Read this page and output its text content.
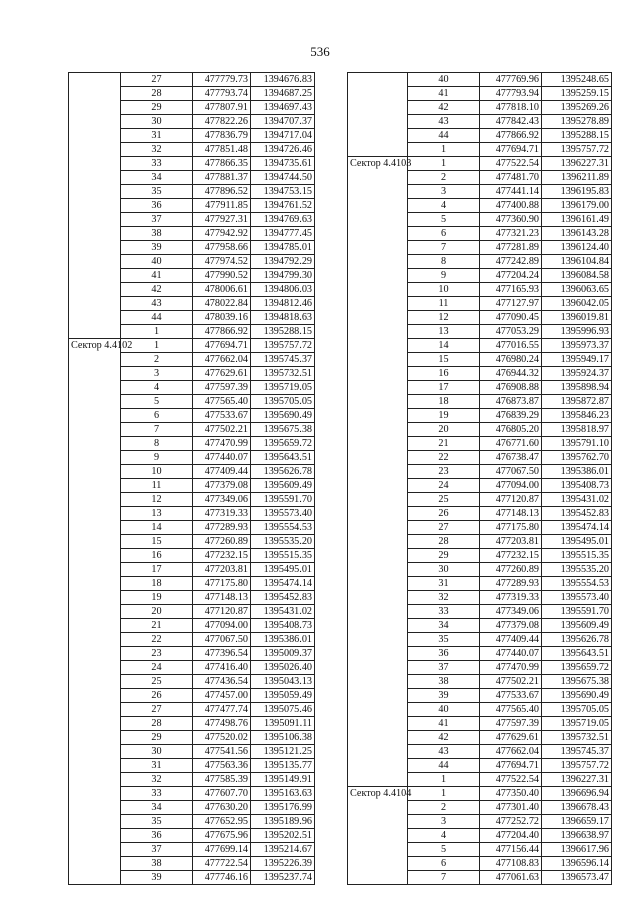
536
	27	477779.73	1394676.83
	28	477793.74	1394687.25
	29	477807.91	1394697.43
	30	477822.26	1394707.37
	31	477836.79	1394717.04
	32	477851.48	1394726.46
	33	477866.35	1394735.61
	34	477881.37	1394744.50
	35	477896.52	1394753.15
	36	477911.85	1394761.52
	37	477927.31	1394769.63
	38	477942.92	1394777.45
	39	477958.66	1394785.01
	40	477974.52	1394792.29
	41	477990.52	1394799.30
	42	478006.61	1394806.03
	43	478022.84	1394812.46
	44	478039.16	1394818.63
	1	477866.92	1395288.15
Сектор 4.4102	1	477694.71	1395757.72
	2	477662.04	1395745.37
	3	477629.61	1395732.51
	4	477597.39	1395719.05
	5	477565.40	1395705.05
	6	477533.67	1395690.49
	7	477502.21	1395675.38
	8	477470.99	1395659.72
	9	477440.07	1395643.51
	10	477409.44	1395626.78
	11	477379.08	1395609.49
	12	477349.06	1395591.70
	13	477319.33	1395573.40
	14	477289.93	1395554.53
	15	477260.89	1395535.20
	16	477232.15	1395515.35
	17	477203.81	1395495.01
	18	477175.80	1395474.14
	19	477148.13	1395452.83
	20	477120.87	1395431.02
	21	477094.00	1395408.73
	22	477067.50	1395386.01
	23	477396.54	1395009.37
	24	477416.40	1395026.40
	25	477436.54	1395043.13
	26	477457.00	1395059.49
	27	477477.74	1395075.46
	28	477498.76	1395091.11
	29	477520.02	1395106.38
	30	477541.56	1395121.25
	31	477563.36	1395135.77
	32	477585.39	1395149.91
	33	477607.70	1395163.63
	34	477630.20	1395176.99
	35	477652.95	1395189.96
	36	477675.96	1395202.51
	37	477699.14	1395214.67
	38	477722.54	1395226.39
	39	477746.16	1395237.74
	40	477769.96	1395248.65
	41	477793.94	1395259.15
	42	477818.10	1395269.26
	43	477842.43	1395278.89
	44	477866.92	1395288.15
	1	477694.71	1395757.72
Сектор 4.4103	1	477522.54	1396227.31
	2	477481.70	1396211.89
	3	477441.14	1396195.83
	4	477400.88	1396179.00
	5	477360.90	1396161.49
	6	477321.23	1396143.28
	7	477281.89	1396124.40
	8	477242.89	1396104.84
	9	477204.24	1396084.58
	10	477165.93	1396063.65
	11	477127.97	1396042.05
	12	477090.45	1396019.81
	13	477053.29	1395996.93
	14	477016.55	1395973.37
	15	476980.24	1395949.17
	16	476944.32	1395924.37
	17	476908.88	1395898.94
	18	476873.87	1395872.87
	19	476839.29	1395846.23
	20	476805.20	1395818.97
	21	476771.60	1395791.10
	22	476738.47	1395762.70
	23	477067.50	1395386.01
	24	477094.00	1395408.73
	25	477120.87	1395431.02
	26	477148.13	1395452.83
	27	477175.80	1395474.14
	28	477203.81	1395495.01
	29	477232.15	1395515.35
	30	477260.89	1395535.20
	31	477289.93	1395554.53
	32	477319.33	1395573.40
	33	477349.06	1395591.70
	34	477379.08	1395609.49
	35	477409.44	1395626.78
	36	477440.07	1395643.51
	37	477470.99	1395659.72
	38	477502.21	1395675.38
	39	477533.67	1395690.49
	40	477565.40	1395705.05
	41	477597.39	1395719.05
	42	477629.61	1395732.51
	43	477662.04	1395745.37
	44	477694.71	1395757.72
	1	477522.54	1396227.31
Сектор 4.4104	1	477350.40	1396696.94
	2	477301.40	1396678.43
	3	477252.72	1396659.17
	4	477204.40	1396638.97
	5	477156.44	1396617.96
	6	477108.83	1396596.14
	7	477061.63	1396573.47
